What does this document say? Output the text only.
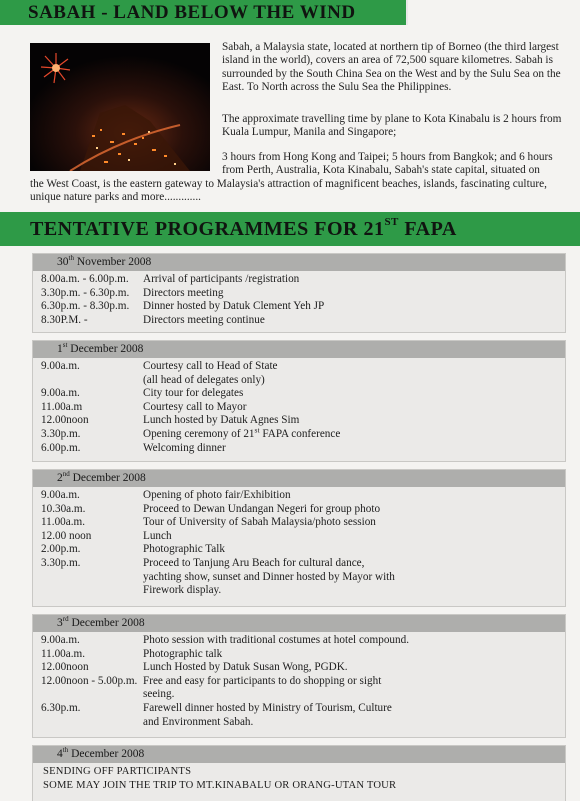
SABAH - LAND BELOW THE WIND

Sabah, a Malaysia state, located at northern tip of Borneo (the third largest island in the world), covers an area of 72,500 square kilometres. Sabah is surrounded by the South China Sea on the West and by the Sulu Sea on the East. To North across the Sulu Sea the Philippines.

The approximate travelling time by plane to Kota Kinabalu is 2 hours from Kuala Lumpur, Manila and Singapore;

3 hours from Hong Kong and Taipei; 5 hours from Bangkok; and 6 hours from Perth, Australia, Kota Kinabalu, Sabah's state capital, situated on

the West Coast, is the eastern gateway to Malaysia's attraction of magnificent beaches, islands, fascinating culture, unique nature parks and more.............

TENTATIVE PROGRAMMES FOR 21ST FAPA
30th November 2008
8.00a.m. - 6.00p.m.	Arrival of participants /registration
3.30p.m. - 6.30p.m.	Directors meeting
6.30p.m. - 8.30p.m.	Dinner hosted by Datuk Clement Yeh JP
8.30P.M. -	Directors meeting continue
1st December 2008
9.00a.m.	Courtesy call to Head of State
(all head of delegates only)
9.00a.m.	City tour for delegates
11.00a.m	Courtesy call to Mayor
12.00noon	Lunch hosted by Datuk Agnes Sim
3.30p.m.	Opening ceremony of 21st FAPA conference
6.00p.m.	Welcoming dinner
2nd December 2008
9.00a.m.	Opening of photo fair/Exhibition
10.30a.m.	Proceed to Dewan Undangan Negeri for group photo
11.00a.m.	Tour of University of Sabah Malaysia/photo session
12.00 noon	Lunch
2.00p.m.	Photographic Talk
3.30p.m.	Proceed to Tanjung Aru Beach for cultural dance,
yachting show, sunset and Dinner hosted by Mayor with
Firework display.
3rd December 2008
9.00a.m.	Photo session with traditional costumes at hotel compound.
11.00a.m.	Photographic talk
12.00noon	Lunch Hosted by Datuk Susan Wong, PGDK.
12.00noon - 5.00p.m. Free and easy for participants to do shopping or sight
seeing.
6.30p.m.	Farewell dinner hosted by Ministry of Tourism, Culture
and Environment Sabah.
4th December 2008
SENDING OFF PARTICIPANTS
SOME MAY JOIN THE TRIP TO MT.KINABALU OR ORANG-UTAN TOUR
